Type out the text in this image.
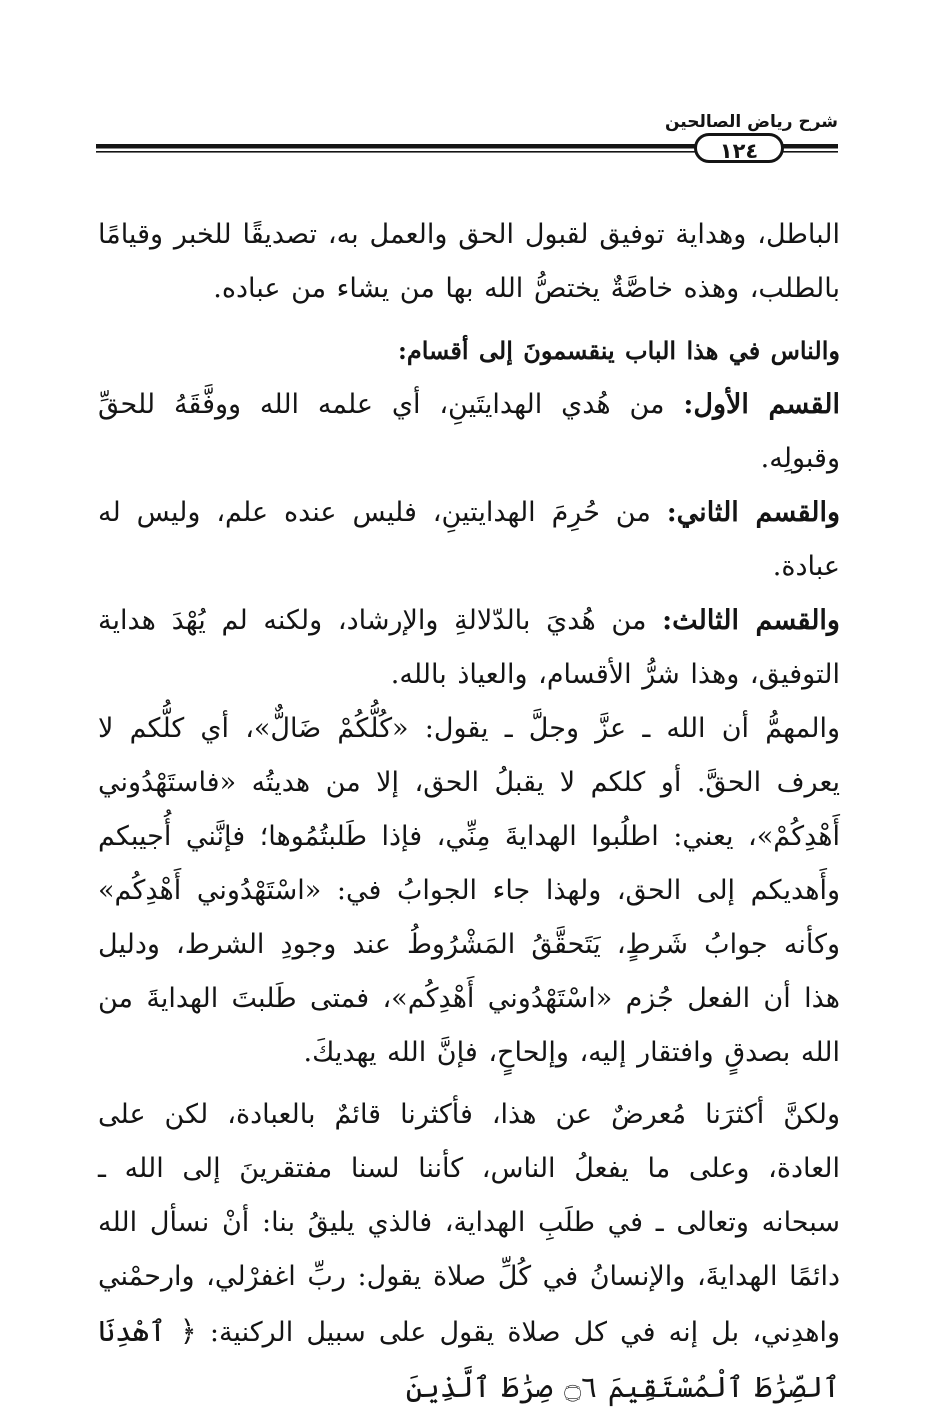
شرح رياض الصالحين
١٢٤

الباطل، وهداية توفيق لقبول الحق والعمل به، تصديقًا للخبر وقيامًا بالطلب، وهذه خاصَّةٌ يختصُّ الله بها من يشاء من عباده.

والناس في هذا الباب ينقسمونَ إلى أقسام:

القسم الأول: من هُدي الهدايتَينِ، أي علمه الله ووفَّقَهُ للحقِّ وقبولِه.

والقسم الثاني: من حُرِمَ الهدايتينِ، فليس عنده علم، وليس له عبادة.

والقسم الثالث: من هُديَ بالدّلالةِ والإرشاد، ولكنه لم يُهْدَ هداية التوفيق، وهذا شرُّ الأقسام، والعياذ بالله.

والمهمُّ أن الله ـ عزَّ وجلَّ ـ يقول: «كُلُّكُمْ ضَالٌّ»، أي كلُّكم لا يعرف الحقَّ. أو كلكم لا يقبلُ الحق، إلا من هديتُه «فاستَهْدُوني أَهْدِكُمْ»، يعني: اطلُبوا الهدايةَ مِنِّي، فإذا طَلبتُمُوها؛ فإنَّني أُجيبكم وأَهديكم إلى الحق، ولهذا جاء الجوابُ في: «اسْتَهْدُوني أَهْدِكُم» وكأنه جوابُ شَرطٍ، يَتَحقَّقُ المَشْرُوطُ عند وجودِ الشرط، ودليل هذا أن الفعل جُزم «اسْتَهْدُوني أَهْدِكُم»، فمتى طَلبتَ الهدايةَ من الله بصدقٍ وافتقار إليه، وإلحاحٍ، فإنَّ الله يهديكَ.

ولكنَّ أكثرَنا مُعرضٌ عن هذا، فأكثرنا قائمٌ بالعبادة، لكن على العادة، وعلى ما يفعلُ الناس، كأننا لسنا مفتقرينَ إلى الله ـ سبحانه وتعالى ـ في طلَبِ الهداية، فالذي يليقُ بنا: أنْ نسأل الله دائمًا الهدايةَ، والإنسانُ في كُلِّ صلاة يقول: ربِّ اغفرْلي، وارحمْني واهدِني، بل إنه في كل صلاة يقول على سبيل الركنية: ﴿ ٱهْدِنَا ٱلصِّرَٰطَ ٱلْمُسْتَقِيمَ ۝٦ صِرَٰطَ ٱلَّذِينَ
